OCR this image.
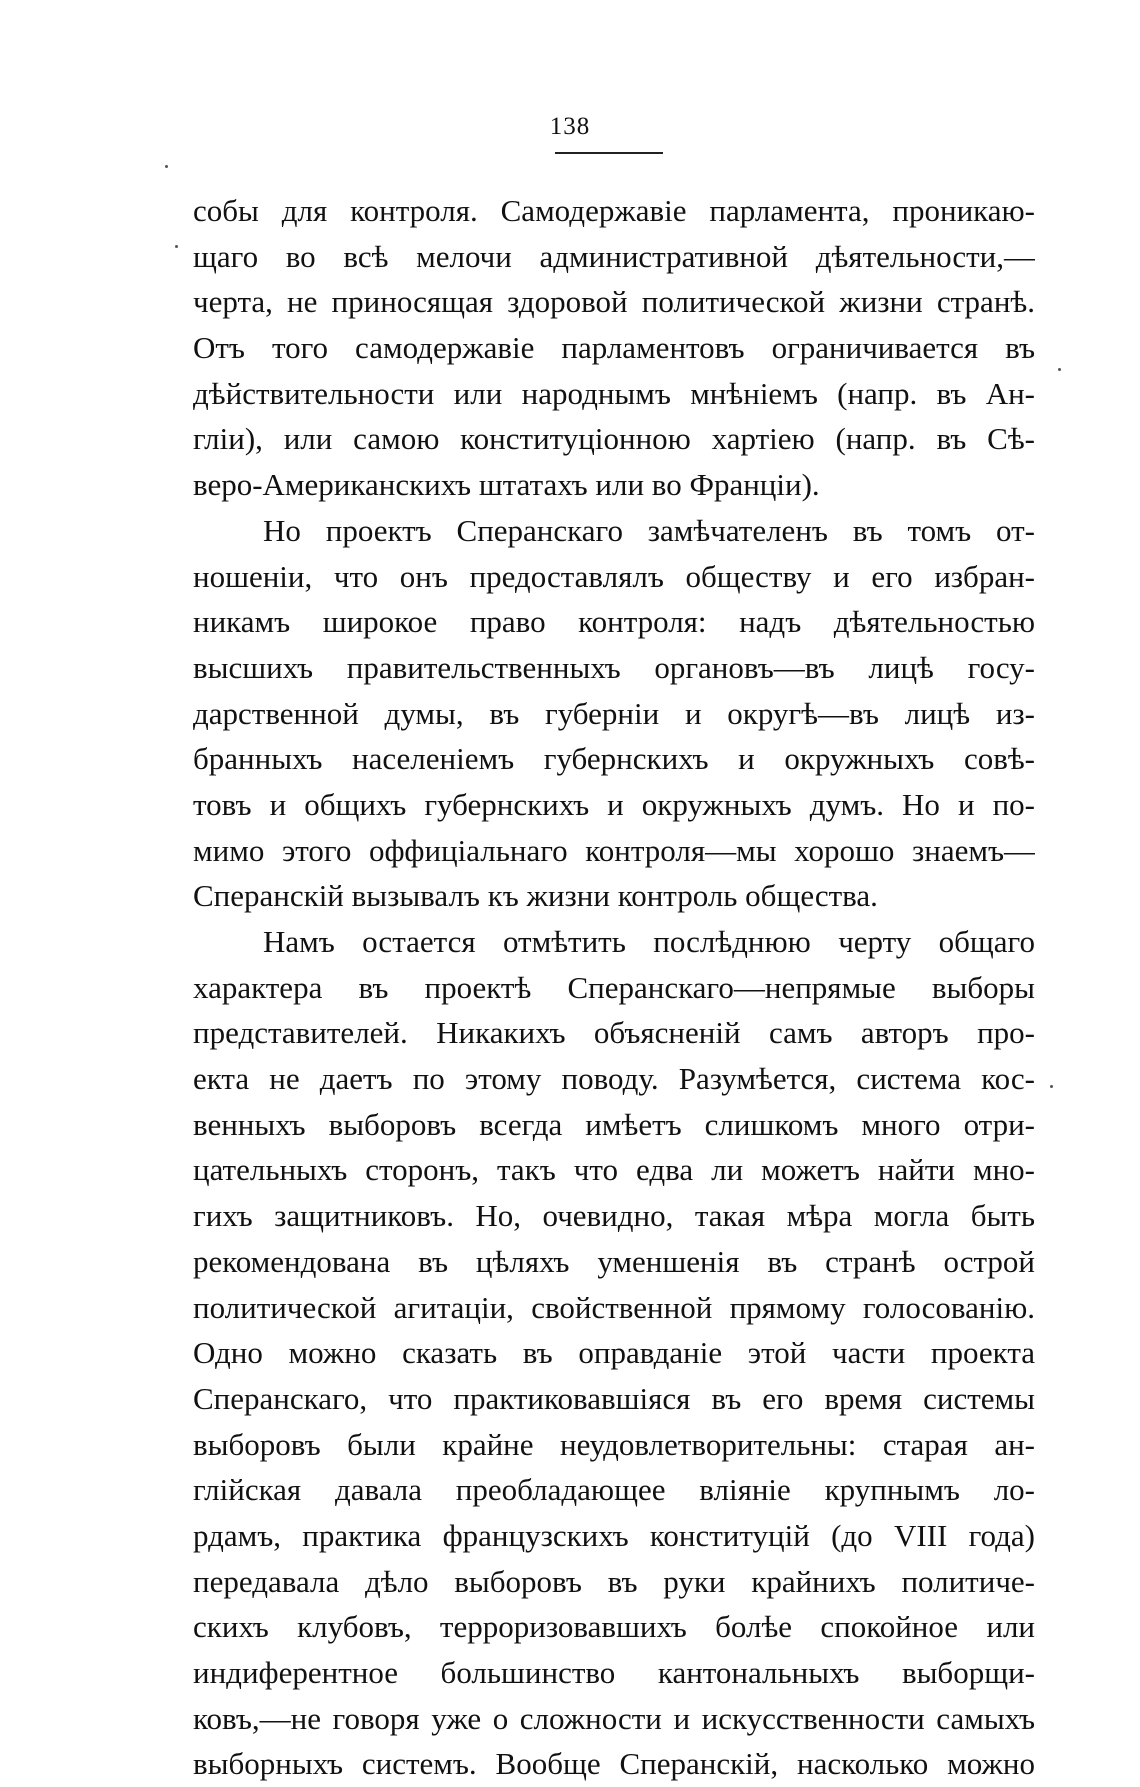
138
собы для контроля. Самодержавіе парламента, проникаю-
щаго во всѣ мелочи административной дѣятельности,—
черта, не приносящая здоровой политической жизни странѣ.
Отъ того самодержавіе парламентовъ ограничивается въ
дѣйствительности или народнымъ мнѣніемъ (напр. въ Ан-
гліи), или самою конституціонною хартіею (напр. въ Сѣ-
веро-Американскихъ штатахъ или во Франціи).
Но проектъ Сперанскаго замѣчателенъ въ томъ от-
ношеніи, что онъ предоставлялъ обществу и его избран-
никамъ широкое право контроля: надъ дѣятельностью
высшихъ правительственныхъ органовъ—въ лицѣ госу-
дарственной думы, въ губерніи и округѣ—въ лицѣ из-
бранныхъ населеніемъ губернскихъ и окружныхъ совѣ-
товъ и общихъ губернскихъ и окружныхъ думъ. Но и по-
мимо этого оффиціальнаго контроля—мы хорошо знаемъ—
Сперанскій вызывалъ къ жизни контроль общества.
Намъ остается отмѣтить послѣднюю черту общаго
характера въ проектѣ Сперанскаго—непрямые выборы
представителей. Никакихъ объясненій самъ авторъ про-
екта не даетъ по этому поводу. Разумѣется, система кос-
венныхъ выборовъ всегда имѣетъ слишкомъ много отри-
цательныхъ сторонъ, такъ что едва ли можетъ найти мно-
гихъ защитниковъ. Но, очевидно, такая мѣра могла быть
рекомендована въ цѣляхъ уменшенія въ странѣ острой
политической агитаціи, свойственной прямому голосованію.
Одно можно сказать въ оправданіе этой части проекта
Сперанскаго, что практиковавшіяся въ его время системы
выборовъ были крайне неудовлетворительны: старая ан-
глійская давала преобладающее вліяніе крупнымъ ло-
рдамъ, практика французскихъ конституцій (до VIII года)
передавала дѣло выборовъ въ руки крайнихъ политиче-
скихъ клубовъ, терроризовавшихъ болѣе спокойное или
индиферентное большинство кантональныхъ выборщи-
ковъ,—не говоря уже о сложности и искусственности самыхъ
выборныхъ системъ. Вообще Сперанскій, насколько можно
